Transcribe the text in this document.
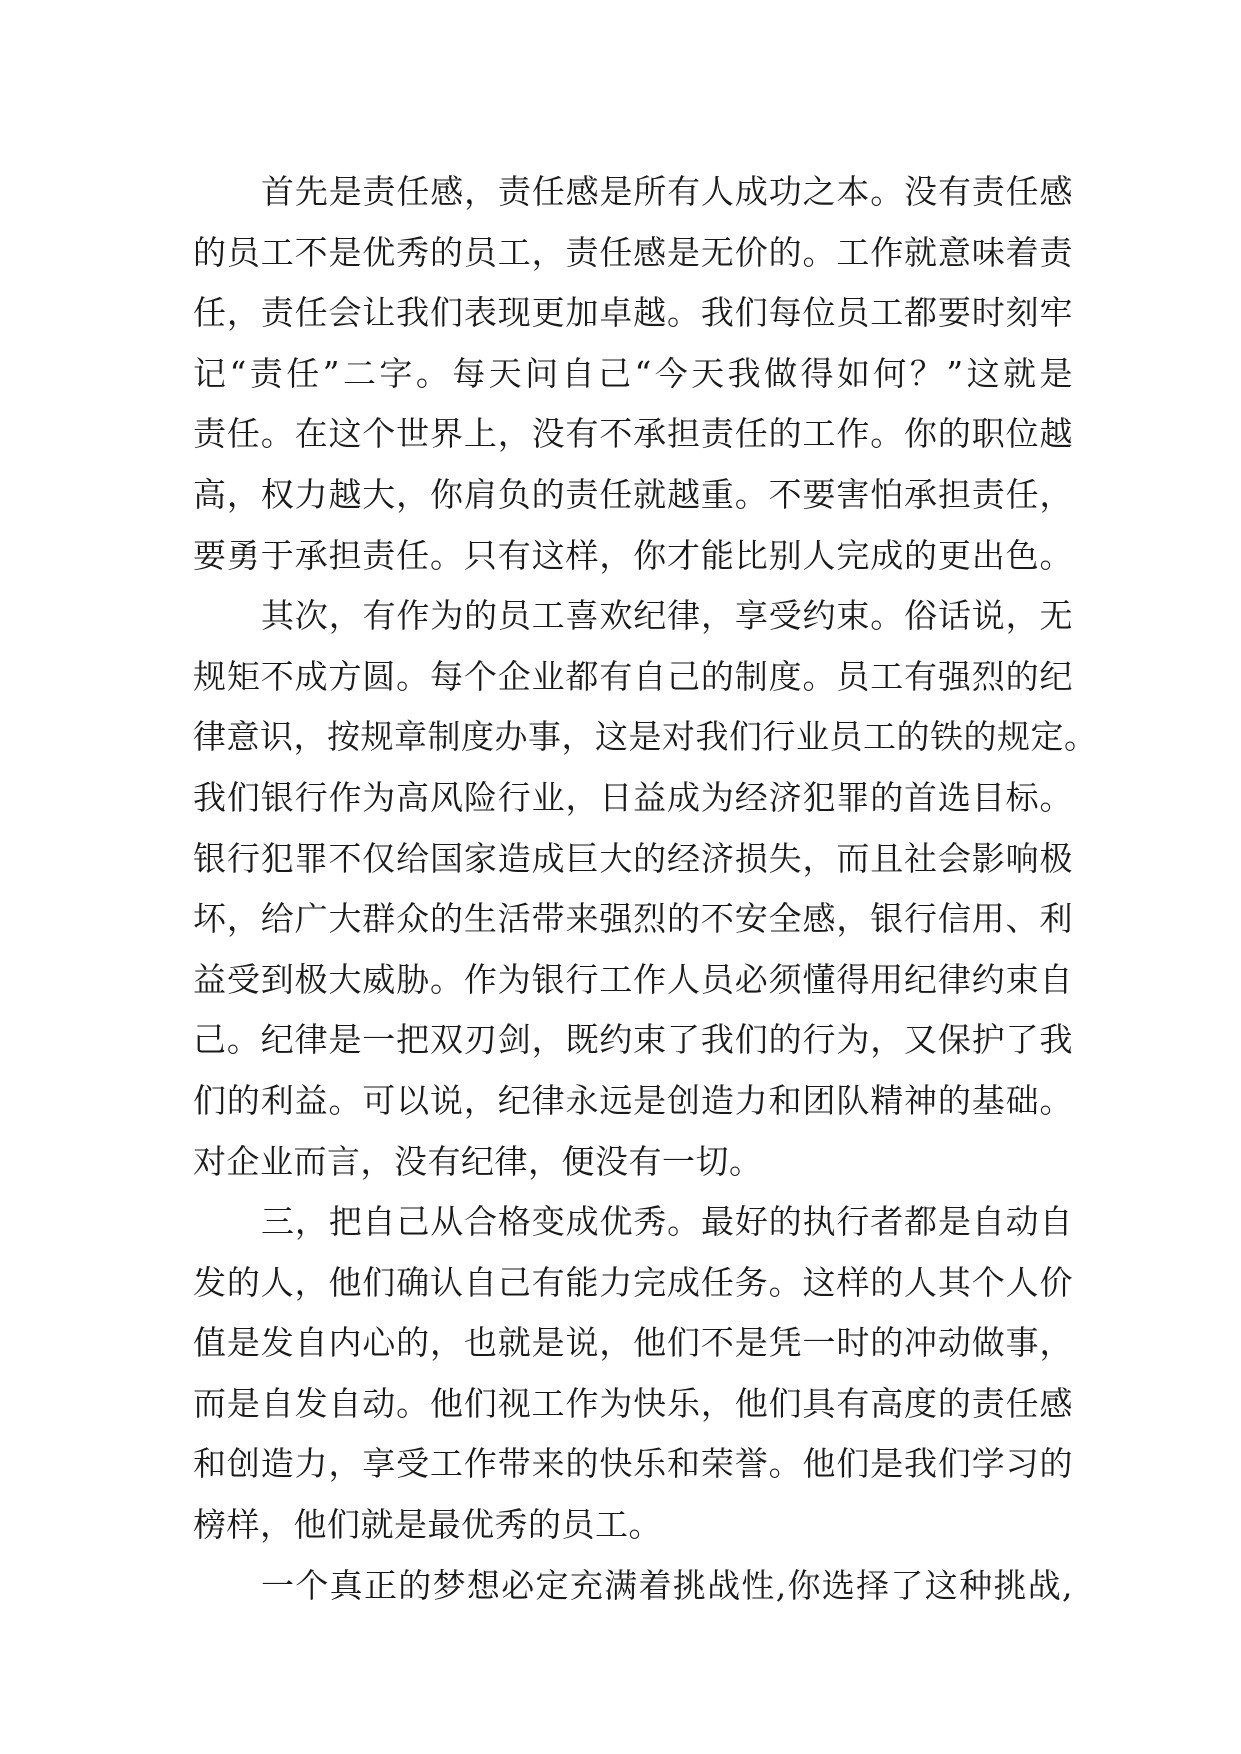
首先是责任感，责任感是所有人成功之本。没有责任感
的员工不是优秀的员工，责任感是无价的。工作就意味着责
任，责任会让我们表现更加卓越。我们每位员工都要时刻牢
记“责任”二字。每天问自己“今天我做得如何？”这就是
责任。在这个世界上，没有不承担责任的工作。你的职位越
高，权力越大，你肩负的责任就越重。不要害怕承担责任，
要勇于承担责任。只有这样，你才能比别人完成的更出色。
其次，有作为的员工喜欢纪律，享受约束。俗话说，无
规矩不成方圆。每个企业都有自己的制度。员工有强烈的纪
律意识，按规章制度办事，这是对我们行业员工的铁的规定。
我们银行作为高风险行业，日益成为经济犯罪的首选目标。
银行犯罪不仅给国家造成巨大的经济损失，而且社会影响极
坏，给广大群众的生活带来强烈的不安全感，银行信用、利
益受到极大威胁。作为银行工作人员必须懂得用纪律约束自
己。纪律是一把双刃剑，既约束了我们的行为，又保护了我
们的利益。可以说，纪律永远是创造力和团队精神的基础。
对企业而言，没有纪律，便没有一切。
三，把自己从合格变成优秀。最好的执行者都是自动自
发的人，他们确认自己有能力完成任务。这样的人其个人价
值是发自内心的，也就是说，他们不是凭一时的冲动做事，
而是自发自动。他们视工作为快乐，他们具有高度的责任感
和创造力，享受工作带来的快乐和荣誉。他们是我们学习的
榜样，他们就是最优秀的员工。
一个真正的梦想必定充满着挑战性,你选择了这种挑战,
